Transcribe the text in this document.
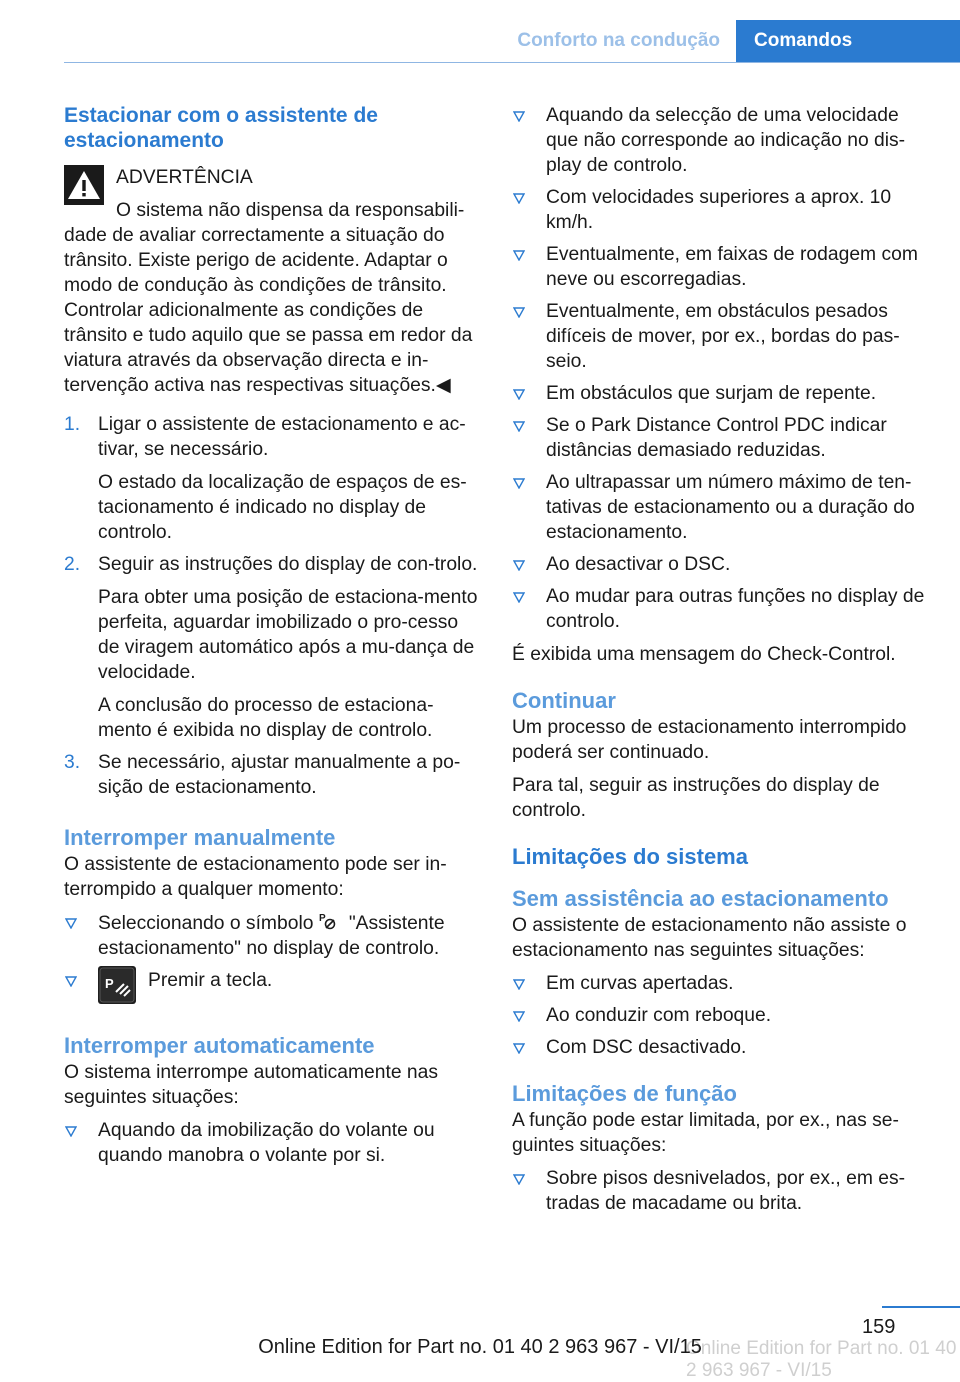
Conforto na condução	Comandos
Estacionar com o assistente de estacionamento

ADVERTÊNCIA

O sistema não dispensa da responsabili-

dade de avaliar correctamente a situação do trânsito. Existe perigo de acidente. Adaptar o modo de condução às condições de trânsito. Controlar adicionalmente as condições de trânsito e tudo aquilo que se passa em redor da viatura através da observação directa e in-tervenção activa nas respectivas situações.◀

1. Ligar o assistente de estacionamento e ac-tivar, se necessário.

O estado da localização de espaços de es-tacionamento é indicado no display de controlo.

2. Seguir as instruções do display de con-trolo.

Para obter uma posição de estaciona-mento perfeita, aguardar imobilizado o pro-cesso de viragem automático após a mu-dança de velocidade.

A conclusão do processo de estaciona-mento é exibida no display de controlo.

3. Se necessário, ajustar manualmente a po-sição de estacionamento.

Interromper manualmente

O assistente de estacionamento pode ser in-terrompido a qualquer momento:

Seleccionando o símbolo P "Assistente estacionamento" no display de controlo.

P	Premir a tecla.

Interromper automaticamente

O sistema interrompe automaticamente nas seguintes situações:

Aquando da imobilização do volante ou quando manobra o volante por si.

Aquando da selecção de uma velocidade que não corresponde ao indicação no dis-play de controlo.

Com velocidades superiores a aprox. 10 km/h.

Eventualmente, em faixas de rodagem com neve ou escorregadias.

Eventualmente, em obstáculos pesados difíceis de mover, por ex., bordas do pas-seio.

Em obstáculos que surjam de repente.

Se o Park Distance Control PDC indicar distâncias demasiado reduzidas.

Ao ultrapassar um número máximo de ten-tativas de estacionamento ou a duração do estacionamento.

Ao desactivar o DSC.

Ao mudar para outras funções no display de controlo.

É exibida uma mensagem do Check-Control.

Continuar

Um processo de estacionamento interrompido poderá ser continuado.

Para tal, seguir as instruções do display de controlo.

Limitações do sistema
Sem assistência ao estacionamento

O assistente de estacionamento não assiste o estacionamento nas seguintes situações:

Em curvas apertadas.

Ao conduzir com reboque.

Com DSC desactivado.

Limitações de função

A função pode estar limitada, por ex., nas se-guintes situações:

Sobre pisos desnivelados, por ex., em es-tradas de macadame ou brita.

159
Online Edition for Part no. 01 40 2 963 967 - VI/15
Online Edition for Part no. 01 40 2 963 967 - VI/15
